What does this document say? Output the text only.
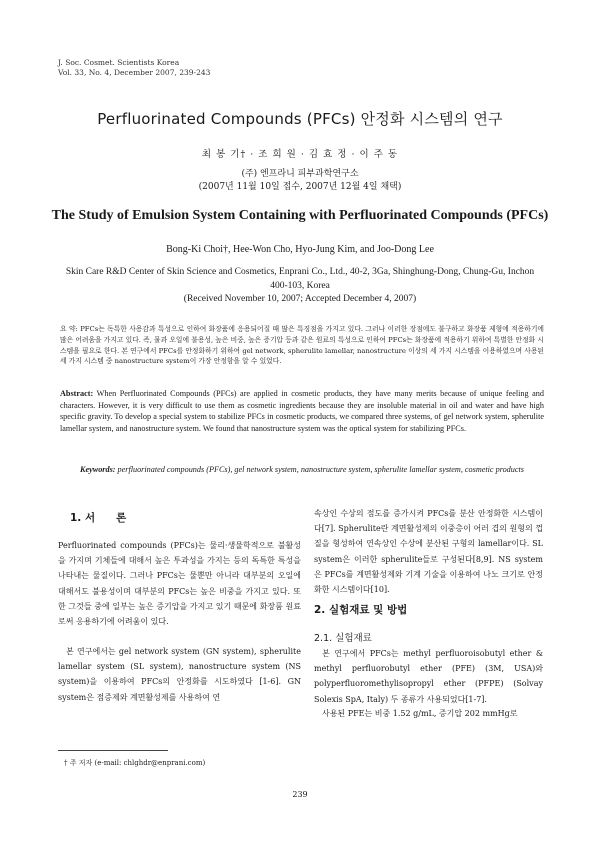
J. Soc. Cosmet. Scientists Korea
Vol. 33, No. 4, December 2007, 239-243
Perfluorinated Compounds (PFCs) 안정화 시스템의 연구
최 봉 기† · 조 희 원 · 김 효 정 · 이 주 동
(주) 엔프라니 피부과학연구소
(2007년 11월 10일 접수, 2007년 12월 4일 채택)
The Study of Emulsion System Containing with Perfluorinated Compounds (PFCs)
Bong-Ki Choi†, Hee-Won Cho, Hyo-Jung Kim, and Joo-Dong Lee
Skin Care R&D Center of Skin Science and Cosmetics, Enprani Co., Ltd., 40-2, 3Ga, Shinghung-Dong, Chung-Gu, Inchon
400-103, Korea
(Received November 10, 2007; Accepted December 4, 2007)
요 약: PFCs는 독특한 사용감과 특성으로 인하여 화장품에 응용되어질 때 많은 특징점을 가지고 있다. 그러나 이러한 장점에도 불구하고 화장품 제형에 적용하기에 많은 어려움을 가지고 있다. 즉, 물과 오일에 불용성, 높은 비중, 높은 증기압 등과 같은 원료의 특성으로 인하여 PFCs는 화장품에 적용하기 위하여 특별한 안정화 시스템을 필요로 한다. 본 연구에서 PFCs를 안정화하기 위하여 gel network, spherulite lamellar, nanostructure 이상의 세 가지 시스템을 이용하였으며 사용된 세 가지 시스템 중 nanostructure system이 가장 안정함을 알 수 있었다.
Abstract: When Perfluorinated Compounds (PFCs) are applied in cosmetic products, they have many merits because of unique feeling and characters. However, it is very difficult to use them as cosmetic ingredients because they are insoluble material in oil and water and have high specific gravity. To develop a special system to stabilize PFCs in cosmetic products, we compared three systems, of gel network system, spherulite lamellar system, and nanostructure system. We found that nanostructure system was the optical system for stabilizing PFCs.
Keywords: perfluorinated compounds (PFCs), gel network system, nanostructure system, spherulite lamellar system, cosmetic products
1. 서　　론
Perfluorinated compounds (PFCs)는 물리·생물학적으로 불활성을 가지며 기체들에 대해서 높은 투과성을 가지는 등의 독특한 특성을 나타내는 물질이다. 그러나 PFCs는 물뿐만 아니라 대부분의 오일에 대해서도 불용성이며 대부분의 PFCs는 높은 비중을 가지고 있다. 또한 그것들 중에 일부는 높은 증기압을 가지고 있기 때문에 화장품 원료로써 응용하기에 어려움이 있다.
본 연구에서는 gel network system (GN system), spherulite lamellar system (SL system), nanostructure system (NS system)을 이용하여 PFCs의 안정화를 시도하였다 [1-6]. GN system은 점증제와 계면활성제를 사용하여 연
† 주 저자 (e-mail: chlghdr@enprani.com)
속상인 수상의 점도를 증가시켜 PFCs를 분산 안정화한 시스템이다[7]. Spherulite란 계면활성제의 이중층이 어러 겹의 원형의 껍질을 형성하여 연속상인 수상에 분산된 구형의 lamellar이다. SL system은 이러한 spherulite들로 구성된다[8,9]. NS system은 PFCs를 계면활성제와 기계 기술을 이용하여 나노 크기로 안정화한 시스템이다[10].
2. 실험재료 및 방법
2.1. 실험재료
본 연구에서 PFCs는 methyl perfluoroisobutyl ether & methyl perfluorobutyl ether (PFE) (3M, USA)와 polyperfluoromethylisopropyl ether (PFPE) (Solvay Solexis SpA, Italy) 두 종류가 사용되었다[1-7].
사용된 PFE는 비중 1.52 g/mL, 증기압 202 mmHg로
239
